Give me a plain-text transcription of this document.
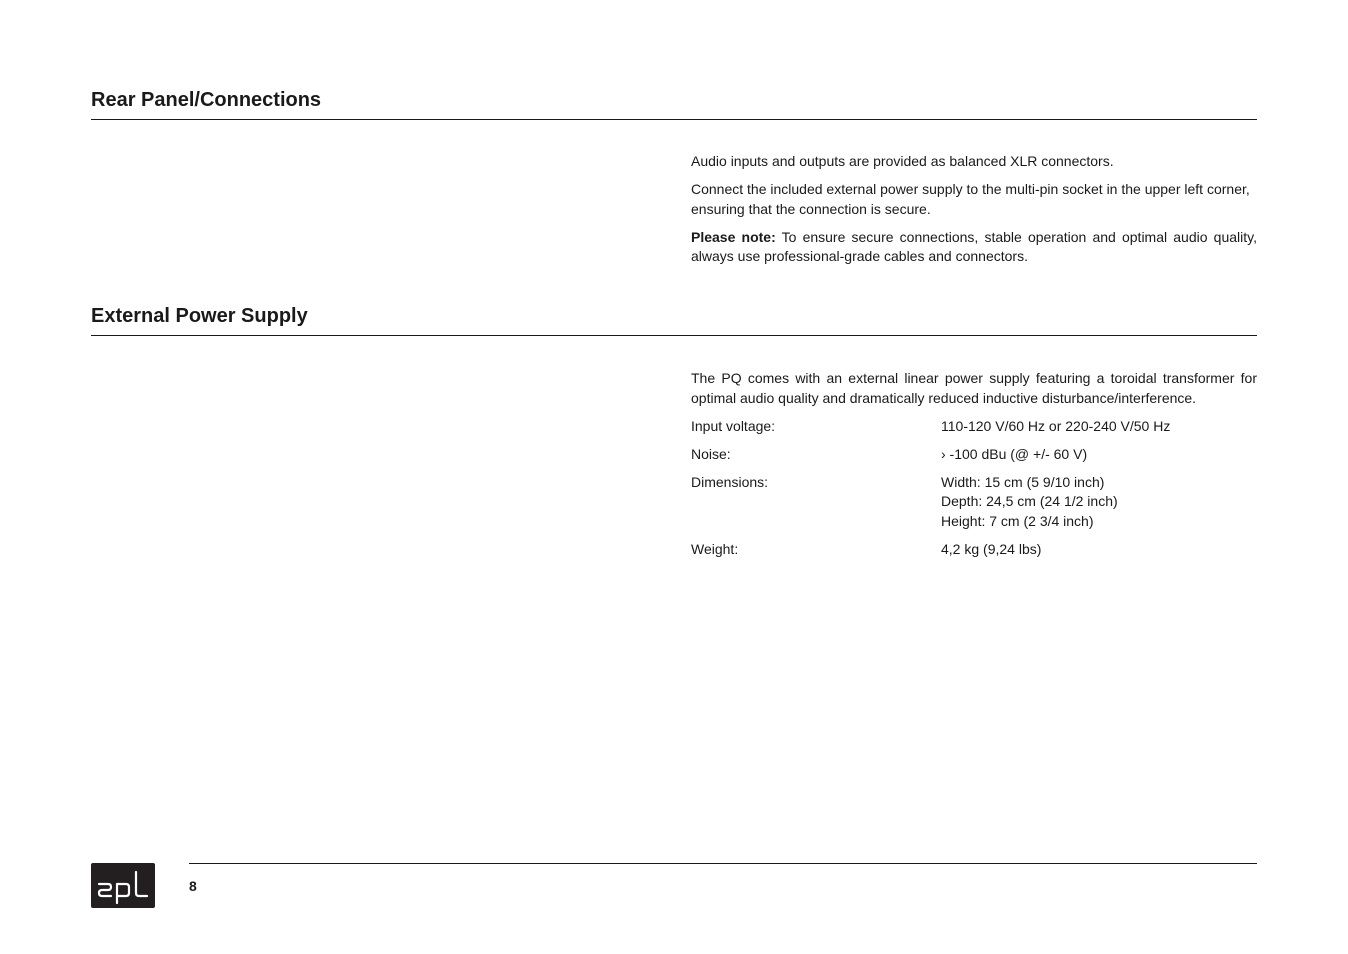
Rear Panel/Connections

Audio inputs and outputs are provided as balanced XLR connectors.

Connect the included external power supply to the multi-pin socket in the upper left corner, ensuring that the connection is secure.

Please note: To ensure secure connections, stable operation and optimal audio quality, always use professional-grade cables and connectors.

External Power Supply

The PQ comes with an external linear power supply featuring a toroidal transformer for optimal audio quality and dramatically reduced inductive disturbance/interference.

Input voltage:	110-120 V/60 Hz or 220-240 V/50 Hz
Noise:	› -100 dBu (@ +/- 60 V)
Dimensions:	Width: 15 cm (5 9/10 inch)
Depth: 24,5 cm (24 1/2 inch)
Height: 7 cm (2 3/4 inch)
Weight:	4,2 kg (9,24 lbs)
8
